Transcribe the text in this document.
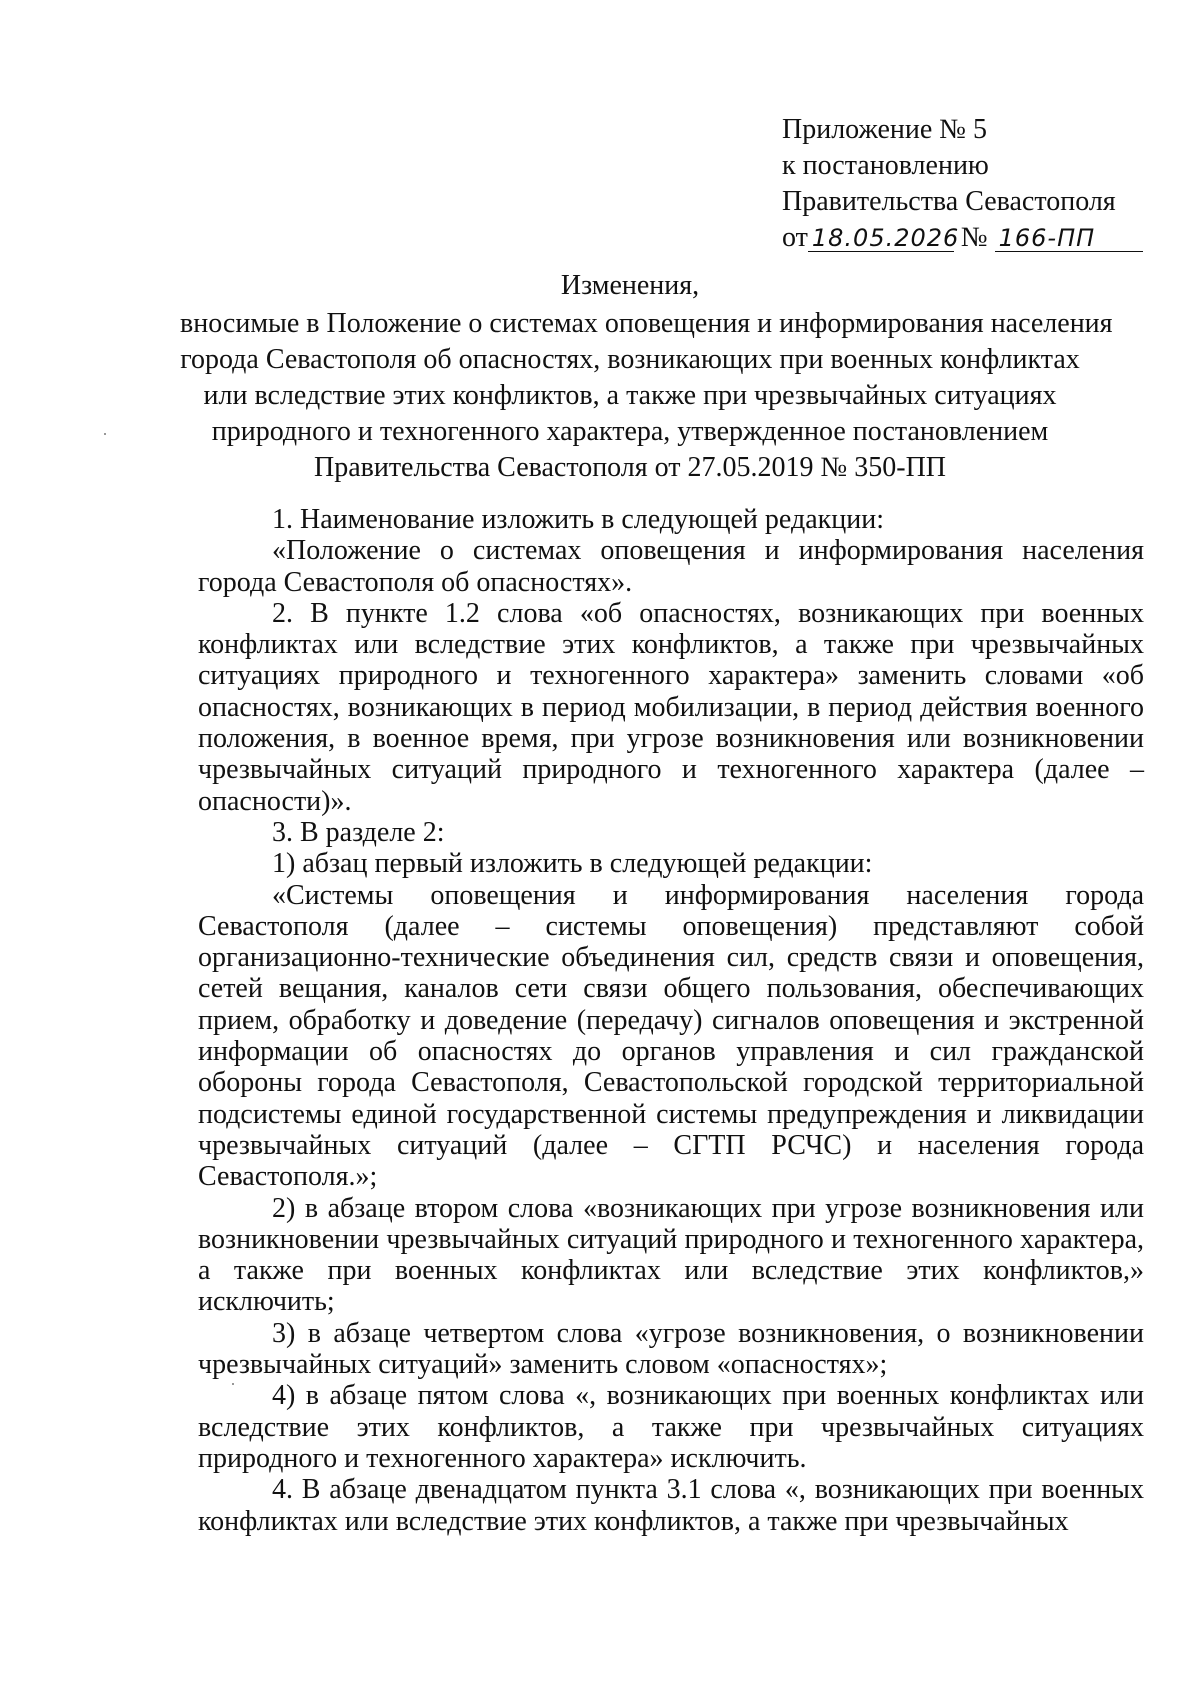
Приложение № 5
к постановлению
Правительства Севастополя
от 18.05.2026 № 166-ПП
Изменения,
вносимые в Положение о системах оповещения и информирования населения
города Севастополя об опасностях, возникающих при военных конфликтах
или вследствие этих конфликтов, а также при чрезвычайных ситуациях
природного и техногенного характера, утвержденное постановлением
Правительства Севастополя от 27.05.2019 № 350-ПП

1. Наименование изложить в следующей редакции:

«Положение о системах оповещения и информирования населения города Севастополя об опасностях».

2. В пункте 1.2 слова «об опасностях, возникающих при военных конфликтах или вследствие этих конфликтов, а также при чрезвычайных ситуациях природного и техногенного характера» заменить словами «об опасностях, возникающих в период мобилизации, в период действия военного положения, в военное время, при угрозе возникновения или возникновении чрезвычайных ситуаций природного и техногенного характера (далее – опасности)».

3. В разделе 2:

1) абзац первый изложить в следующей редакции:

«Системы оповещения и информирования населения города Севастополя (далее – системы оповещения) представляют собой организационно-технические объединения сил, средств связи и оповещения, сетей вещания, каналов сети связи общего пользования, обеспечивающих прием, обработку и доведение (передачу) сигналов оповещения и экстренной информации об опасностях до органов управления и сил гражданской обороны города Севастополя, Севастопольской городской территориальной подсистемы единой государственной системы предупреждения и ликвидации чрезвычайных ситуаций (далее – СГТП РСЧС) и населения города Севастополя.»;

2) в абзаце втором слова «возникающих при угрозе возникновения или возникновении чрезвычайных ситуаций природного и техногенного характера, а также при военных конфликтах или вследствие этих конфликтов,» исключить;

3) в абзаце четвертом слова «угрозе возникновения, о возникновении чрезвычайных ситуаций» заменить словом «опасностях»;

4) в абзаце пятом слова «, возникающих при военных конфликтах или вследствие этих конфликтов, а также при чрезвычайных ситуациях природного и техногенного характера» исключить.

4. В абзаце двенадцатом пункта 3.1 слова «, возникающих при военных конфликтах или вследствие этих конфликтов, а также при чрезвычайных
